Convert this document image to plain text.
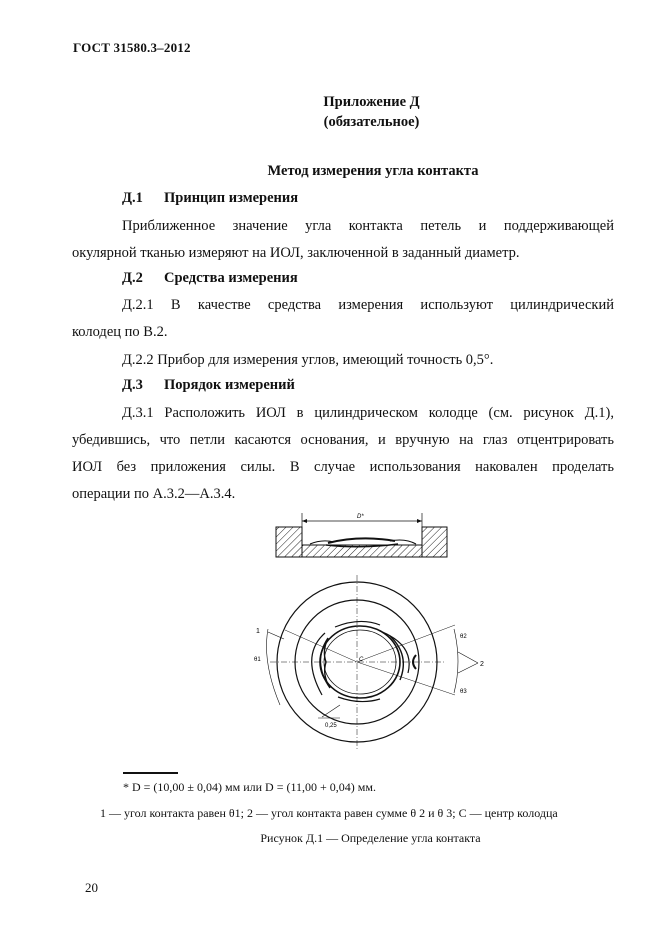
ГОСТ 31580.3–2012
Приложение Д
(обязательное)
Метод измерения угла контакта
Д.1 Принцип измерения
Приближенное значение угла контакта петель и поддерживающей
окулярной тканью измеряют на ИОЛ, заключенной в заданный диаметр.
Д.2 Средства измерения
Д.2.1 В качестве средства измерения используют цилиндрический
колодец по В.2.
Д.2.2 Прибор для измерения углов, имеющий точность 0,5°.
Д.3 Порядок измерений
Д.3.1 Расположить ИОЛ в цилиндрическом колодце (см. рисунок Д.1),
убедившись, что петли касаются основания, и вручную на глаз отцентрировать
ИОЛ без приложения силы. В случае использования наковален проделать
операции по А.3.2—А.3.4.
D*
C
θ1
1
θ2
θ3
2
0,25
* D = (10,00 ± 0,04) мм или D = (11,00 + 0,04) мм.
1 — угол контакта равен θ1; 2 — угол контакта равен сумме θ 2 и θ 3; C — центр колодца
Рисунок Д.1 — Определение угла контакта
20
